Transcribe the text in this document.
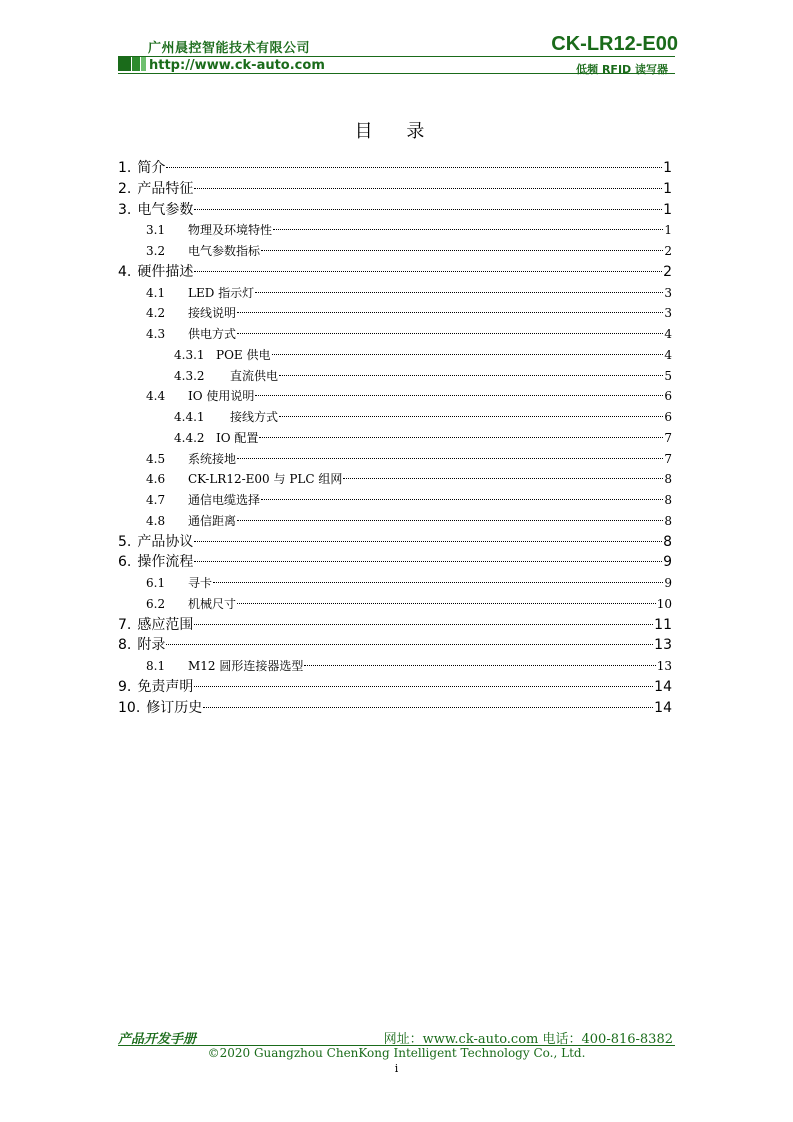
广州晨控智能技术有限公司	CK-LR12-E00
http://www.ck-auto.com	低频 RFID 读写器
目 录
1. 简介	1
2. 产品特征	1
3. 电气参数	1
3.1	物理及环境特性	1
3.2	电气参数指标	2
4. 硬件描述	2
4.1	LED 指示灯	3
4.2	接线说明	3
4.3	供电方式	4
4.3.1 POE 供电	4
4.3.2	直流供电	5
4.4	IO 使用说明	6
4.4.1	接线方式	6
4.4.2 IO 配置	7
4.5	系统接地	7
4.6	CK-LR12-E00 与 PLC 组网	8
4.7	通信电缆选择	8
4.8	通信距离	8
5. 产品协议	8
6. 操作流程	9
6.1	寻卡	9
6.2	机械尺寸	10
7. 感应范围	11
8. 附录	13
8.1	M12 圆形连接器选型	13
9. 免责声明	14
10. 修订历史	14
产品开发手册	网址：www.ck-auto.com 电话：400-816-8382
©2020 Guangzhou ChenKong Intelligent Technology Co., Ltd.
i
